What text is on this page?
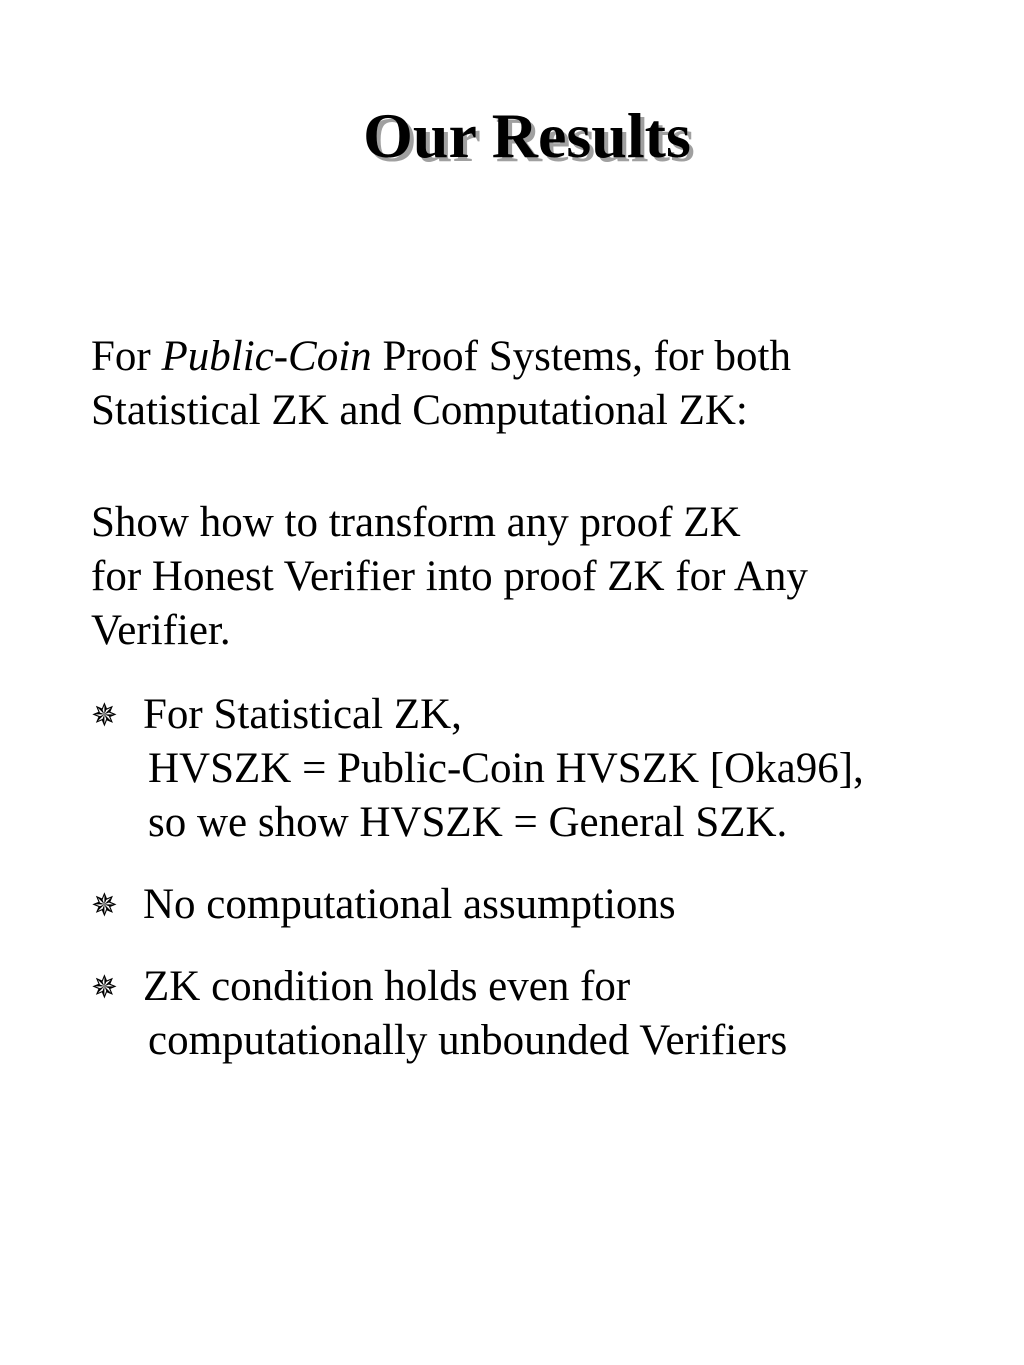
Our Results

For Public-Coin Proof Systems, for both
Statistical ZK and Computational ZK:

Show how to transform any proof ZK
for Honest Verifier into proof ZK for Any
Verifier.

✵ For Statistical ZK,
HVSZK = Public-Coin HVSZK [Oka96],
so we show HVSZK = General SZK.
✵ No computational assumptions
✵ ZK condition holds even for
computationally unbounded Verifiers
